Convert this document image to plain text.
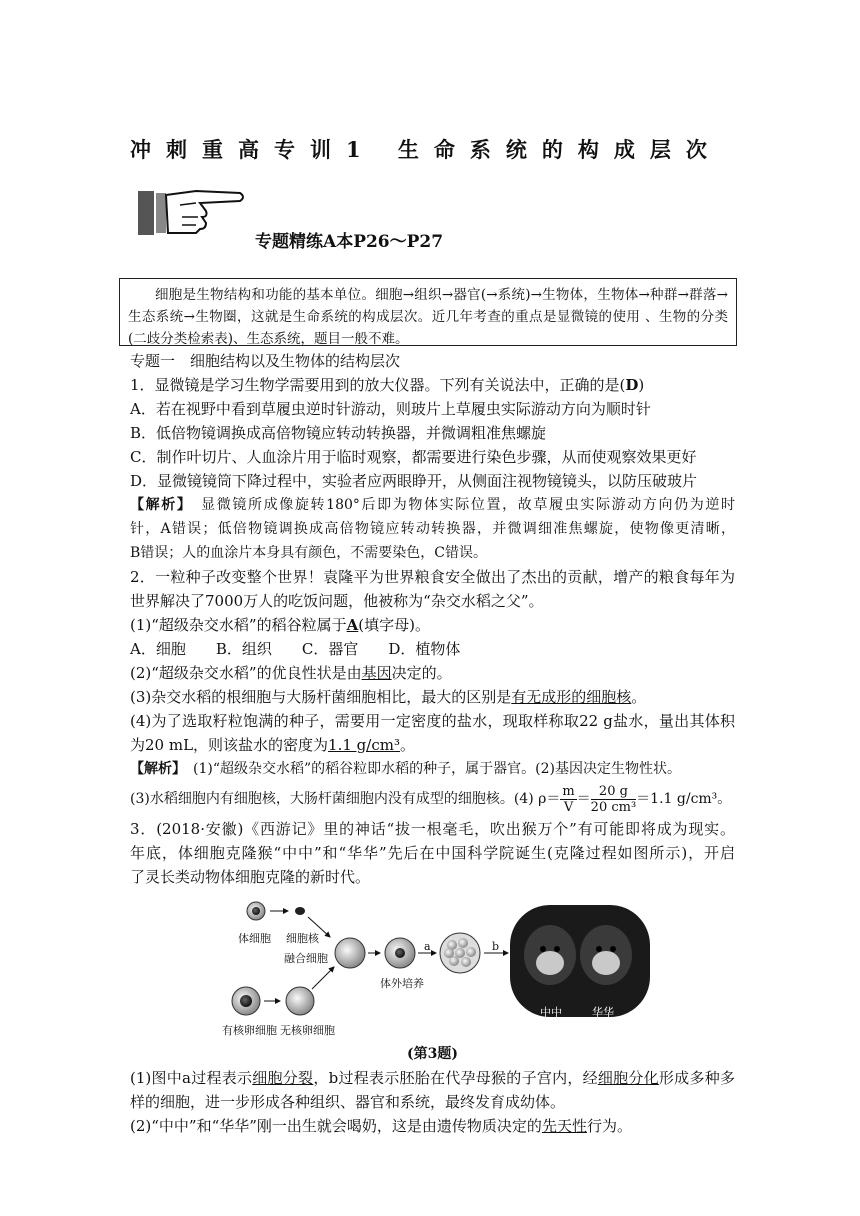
冲刺重高专训1 生命系统的构成层次
专题精练A本P26～P27

细胞是生物结构和功能的基本单位。细胞→组织→器官(→系统)→生物体，生物体→种群→群落→生态系统→生物圈，这就是生命系统的构成层次。近几年考查的重点是显微镜的使用 、生物的分类(二歧分类检索表)、生态系统，题目一般不难。

专题一　细胞结构以及生物体的结构层次
1．显微镜是学习生物学需要用到的放大仪器。下列有关说法中，正确的是(D)
A．若在视野中看到草履虫逆时针游动，则玻片上草履虫实际游动方向为顺时针
B．低倍物镜调换成高倍物镜应转动转换器，并微调粗准焦螺旋
C．制作叶切片、人血涂片用于临时观察，都需要进行染色步骤，从而使观察效果更好
D．显微镜镜筒下降过程中，实验者应两眼睁开，从侧面注视物镜镜头，以防压破玻片
【解析】　显微镜所成像旋转180°后即为物体实际位置，故草履虫实际游动方向仍为逆时
针，A错误；低倍物镜调换成高倍物镜应转动转换器，并微调细准焦螺旋，使物像更清晰，
B错误；人的血涂片本身具有颜色，不需要染色，C错误。
2．一粒种子改变整个世界！袁隆平为世界粮食安全做出了杰出的贡献，增产的粮食每年为
世界解决了7000万人的吃饭问题，他被称为“杂交水稻之父”。
(1)“超级杂交水稻”的稻谷粒属于A(填字母)。
A．细胞　　B．组织　　C．器官　　D．植物体
(2)“超级杂交水稻”的优良性状是由基因决定的。
(3)杂交水稻的根细胞与大肠杆菌细胞相比，最大的区别是有无成形的细胞核。
(4)为了选取籽粒饱满的种子，需要用一定密度的盐水，现取样称取22 g盐水，量出其体积
为20 mL，则该盐水的密度为1.1 g/cm³。
【解析】　(1)“超级杂交水稻”的稻谷粒即水稻的种子，属于器官。(2)基因决定生物性状。
(3)水稻细胞内有细胞核，大肠杆菌细胞内没有成型的细胞核。(4) $\rho= \frac{m}{V} = \frac{20 g}{\text{20 cm³}} =1.1$ g/cm³。
3．(2018·安徽)《西游记》里的神话“拔一根毫毛，吹出猴万个”有可能即将成为现实。
年底，体细胞克隆猴“中中”和“华华”先后在中国科学院诞生(克隆过程如图所示)，开启
了灵长类动物体细胞克隆的新时代。
体细胞 细胞核
融合细胞
体外培养
有核卵细胞 无核卵细胞
a	b
中中	华华
(第3题)
(1)图中a过程表示细胞分裂，b过程表示胚胎在代孕母猴的子宫内，经细胞分化形成多种多
样的细胞，进一步形成各种组织、器官和系统，最终发育成幼体。
(2)“中中”和“华华”刚一出生就会喝奶，这是由遗传物质决定的先天性行为。
